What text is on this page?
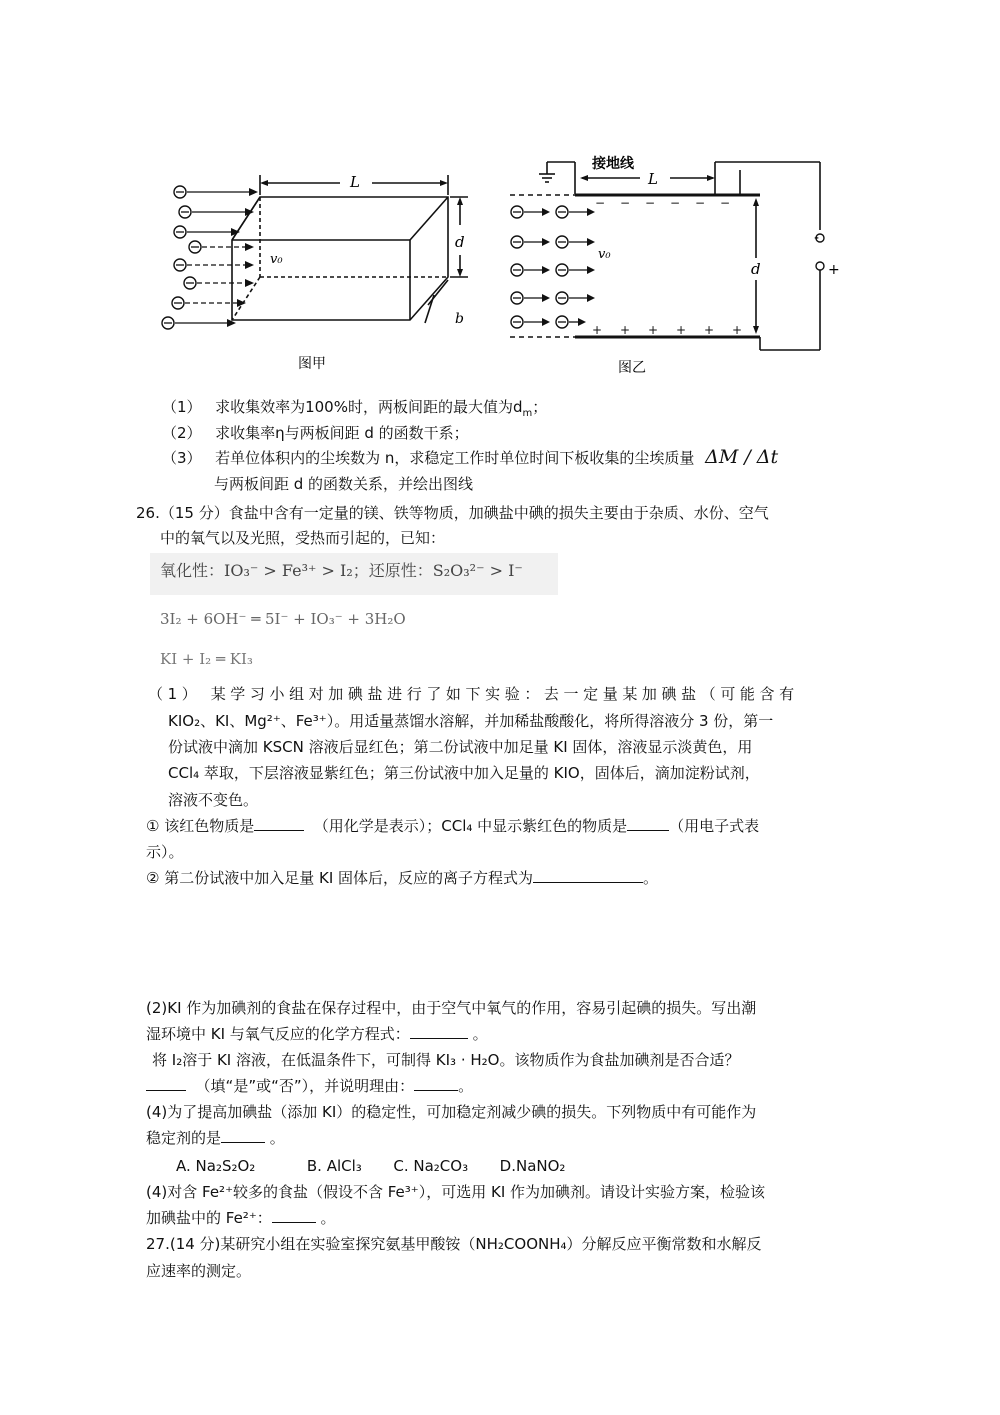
L
d
b
v₀
图甲
接地线
L
d
v₀
-
+
− − − − − −
+ + + + + +
图乙
（1） 求收集效率为100%时，两板间距的最大值为$d_m$；
（2） 求收集率η与两板间距 d 的函数干系；
（3） 若单位体积内的尘埃数为 n，求稳定工作时单位时间下板收集的尘埃质量 ΔM / Δt
与两板间距 d 的函数关系，并绘出图线
26.（15 分）食盐中含有一定量的镁、铁等物质，加碘盐中碘的损失主要由于杂质、水份、空气
中的氧气以及光照，受热而引起的，已知：
氧化性：IO₃⁻ > Fe³⁺ > I₂；还原性：S₂O₃²⁻ > I⁻
3I₂ + 6OH⁻ ═ 5I⁻ + IO₃⁻ + 3H₂O
KI + I₂ ═ KI₃
（1） 某学习小组对加碘盐进行了如下实验：去一定量某加碘盐（可能含有
KIO₂、KI、Mg²⁺、Fe³⁺）。用适量蒸馏水溶解，并加稀盐酸酸化，将所得溶液分 3 份，第一
份试液中滴加 KSCN 溶液后显红色；第二份试液中加足量 KI 固体，溶液显示淡黄色，用
CCl₄ 萃取，下层溶液显紫红色；第三份试液中加入足量的 KIO，固体后，滴加淀粉试剂，
溶液不变色。
① 该红色物质是	（用化学是表示）；CCl₄ 中显示紫红色的物质是	（用电子式表
示）。
② 第二份试液中加入足量 KI 固体后，反应的离子方程式为	。
(2)KI 作为加碘剂的食盐在保存过程中，由于空气中氧气的作用，容易引起碘的损失。写出潮
湿环境中 KI 与氧气反应的化学方程式：	。
将 I₂溶于 KI 溶液，在低温条件下，可制得 KI₃ · H₂O。该物质作为食盐加碘剂是否合适？
（填“是”或“否”），并说明理由：	。
(4)为了提高加碘盐（添加 KI）的稳定性，可加稳定剂减少碘的损失。下列物质中有可能作为
稳定剂的是	。
A. Na₂S₂O₂	B. AlCl₃ C. Na₂CO₃ D.NaNO₂
(4)对含 Fe²⁺较多的食盐（假设不含 Fe³⁺），可选用 KI 作为加碘剂。请设计实验方案，检验该
加碘盐中的 Fe²⁺：	。
27.(14 分)某研究小组在实验室探究氨基甲酸铵（NH₂COONH₄）分解反应平衡常数和水解反
应速率的测定。
